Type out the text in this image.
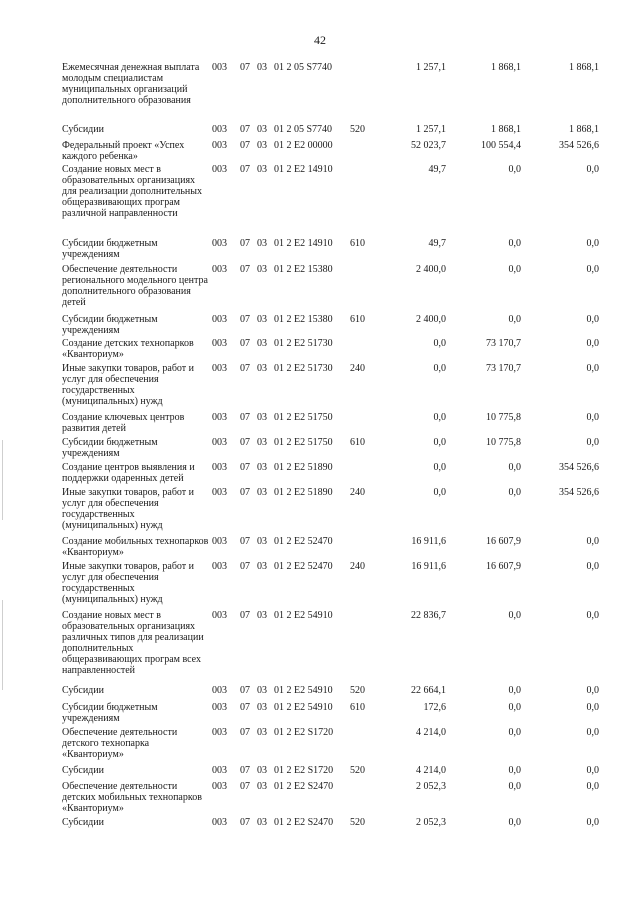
42
Ежемесячная денежная выплата молодым специалистам муниципальных организаций дополнительного образования
003 07 03 01 2 05 S7740	1 257,1	1 868,1	1 868,1
Субсидии	003 07 03 01 2 05 S7740 520	1 257,1	1 868,1	1 868,1
Федеральный проект «Успех каждого ребенка»
003 07 03 01 2 E2 00000	52 023,7	100 554,4	354 526,6
Создание новых мест в образовательных организациях для реализации дополнительных общеразвивающих програм различной направленности
003 07 03 01 2 E2 14910	49,7	0,0	0,0
Субсидии бюджетным учреждениям
003 07 03 01 2 E2 14910 610	49,7	0,0	0,0
Обеспечение деятельности регионального модельного центра дополнительного образования детей
003 07 03 01 2 E2 15380	2 400,0	0,0	0,0
Субсидии бюджетным учреждениям
003 07 03 01 2 E2 15380 610	2 400,0	0,0	0,0
Создание детских технопарков «Кванториум»
003 07 03 01 2 E2 51730	0,0	73 170,7	0,0
Иные закупки товаров, работ и услуг для обеспечения государственных (муниципальных) нужд
003 07 03 01 2 E2 51730 240	0,0	73 170,7	0,0
Создание ключевых центров развития детей
003 07 03 01 2 E2 51750	0,0	10 775,8	0,0
Субсидии бюджетным учреждениям
003 07 03 01 2 E2 51750 610	0,0	10 775,8	0,0
Создание центров выявления и поддержки одаренных детей
003 07 03 01 2 E2 51890	0,0	0,0	354 526,6
Иные закупки товаров, работ и услуг для обеспечения государственных (муниципальных) нужд
003 07 03 01 2 E2 51890 240	0,0	0,0	354 526,6
Создание мобильных технопарков «Кванториум»
003 07 03 01 2 E2 52470	16 911,6	16 607,9	0,0
Иные закупки товаров, работ и услуг для обеспечения государственных (муниципальных) нужд
003 07 03 01 2 E2 52470 240	16 911,6	16 607,9	0,0
Создание новых мест в образовательных организациях различных типов для реализации дополнительных общеразвивающих програм всех направленностей
003 07 03 01 2 E2 54910	22 836,7	0,0	0,0
Субсидии	003 07 03 01 2 E2 54910 520	22 664,1	0,0	0,0
Субсидии бюджетным учреждениям
003 07 03 01 2 E2 54910 610	172,6	0,0	0,0
Обеспечение деятельности детского технопарка «Кванториум»
003 07 03 01 2 E2 S1720	4 214,0	0,0	0,0
Субсидии	003 07 03 01 2 E2 S1720 520	4 214,0	0,0	0,0
Обеспечение деятельности детских мобильных технопарков «Кванториум»
003 07 03 01 2 E2 S2470	2 052,3	0,0	0,0
Субсидии	003 07 03 01 2 E2 S2470 520	2 052,3	0,0	0,0
